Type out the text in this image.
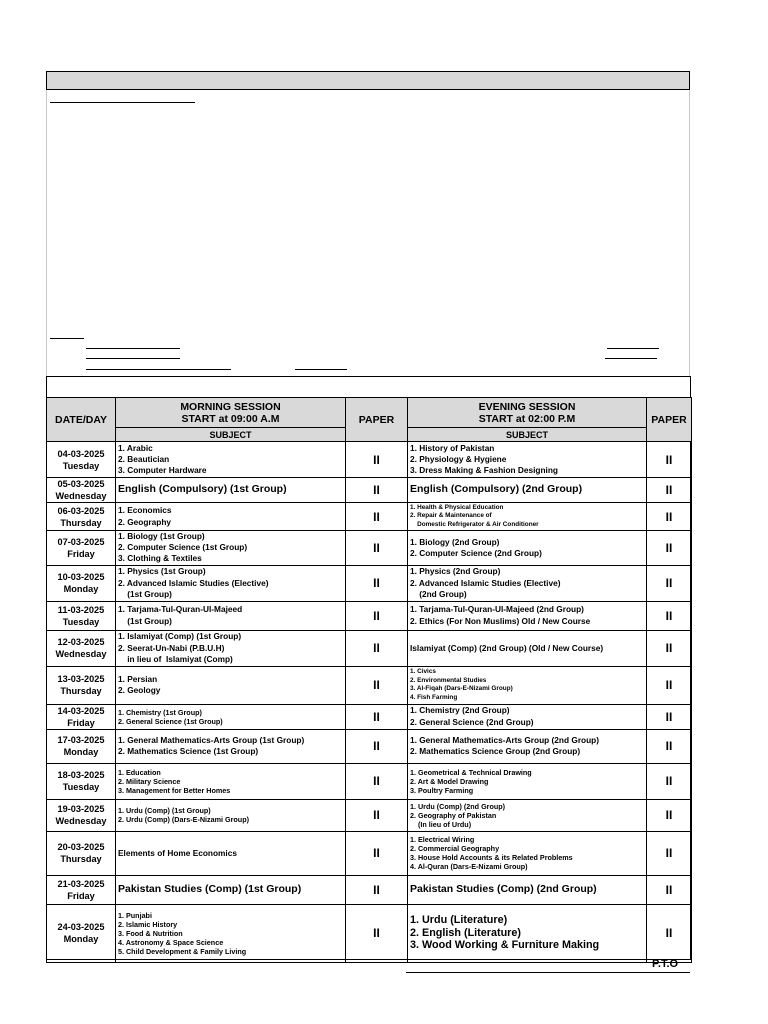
DATE/DAY	MORNING SESSION
START at 09:00 A.M	PAPER	EVENING SESSION
START at 02:00 P.M	PAPER
	SUBJECT		SUBJECT	

04-03-2025
Tuesday	1. Arabic
2. Beautician
3. Computer Hardware	II	1. History of Pakistan
2. Physiology & Hygiene
3. Dress Making & Fashion Designing	II

05-03-2025
Wednesday	English (Compulsory) (1st Group)	II	English (Compulsory) (2nd Group)	II

06-03-2025
Thursday	1. Economics
2. Geography	II	1. Health & Physical Education
2. Repair & Maintenance of
Domestic Refrigerator & Air Conditioner	II

07-03-2025
Friday	1. Biology (1st Group)
2. Computer Science (1st Group)
3. Clothing & Textiles	II	1. Biology (2nd Group)
2. Computer Science (2nd Group)	II

10-03-2025
Monday	1. Physics (1st Group)
2. Advanced Islamic Studies (Elective)
(1st Group)	II	1. Physics (2nd Group)
2. Advanced Islamic Studies (Elective)
(2nd Group)	II

11-03-2025
Tuesday	1. Tarjama-Tul-Quran-Ul-Majeed
(1st Group)	II	1. Tarjama-Tul-Quran-Ul-Majeed (2nd Group)
2. Ethics (For Non Muslims) Old / New Course	II

12-03-2025
Wednesday	1. Islamiyat (Comp) (1st Group)
2. Seerat-Un-Nabi (P.B.U.H)
in lieu of  Islamiyat (Comp)	II	Islamiyat (Comp) (2nd Group) (Old / New Course)	II

13-03-2025
Thursday	1. Persian
2. Geology	II	1. Civics
2. Environmental Studies
3. Al-Fiqah (Dars-E-Nizami Group)
4. Fish Farming	II

14-03-2025
Friday	1. Chemistry (1st Group)
2. General Science (1st Group)	II	1. Chemistry (2nd Group)
2. General Science (2nd Group)	II

17-03-2025
Monday	1. General Mathematics-Arts Group (1st Group)
2. Mathematics Science (1st Group)	II	1. General Mathematics-Arts Group (2nd Group)
2. Mathematics Science Group (2nd Group)	II

18-03-2025
Tuesday	1. Education
2. Military Science
3. Management for Better Homes	II	1. Geometrical & Technical Drawing
2. Art & Model Drawing
3. Poultry Farming	II

19-03-2025
Wednesday	1. Urdu (Comp) (1st Group)
2. Urdu (Comp) (Dars-E-Nizami Group)	II	1. Urdu (Comp) (2nd Group)
2. Geography of Pakistan
(In lieu of Urdu)	II

20-03-2025
Thursday	Elements of Home Economics	II	1. Electrical Wiring
2. Commercial Geography
3. House Hold Accounts & its Related Problems
4. Al-Quran (Dars-E-Nizami Group)	II

21-03-2025
Friday	Pakistan Studies (Comp) (1st Group)	II	Pakistan Studies (Comp) (2nd Group)	II

24-03-2025
Monday	1. Punjabi
2. Islamic History
3. Food & Nutrition
4. Astronomy & Space Science
5. Child Development & Family Living	II	1. Urdu (Literature)
2. English (Literature)
3. Wood Working & Furniture Making	II
P.T.O
